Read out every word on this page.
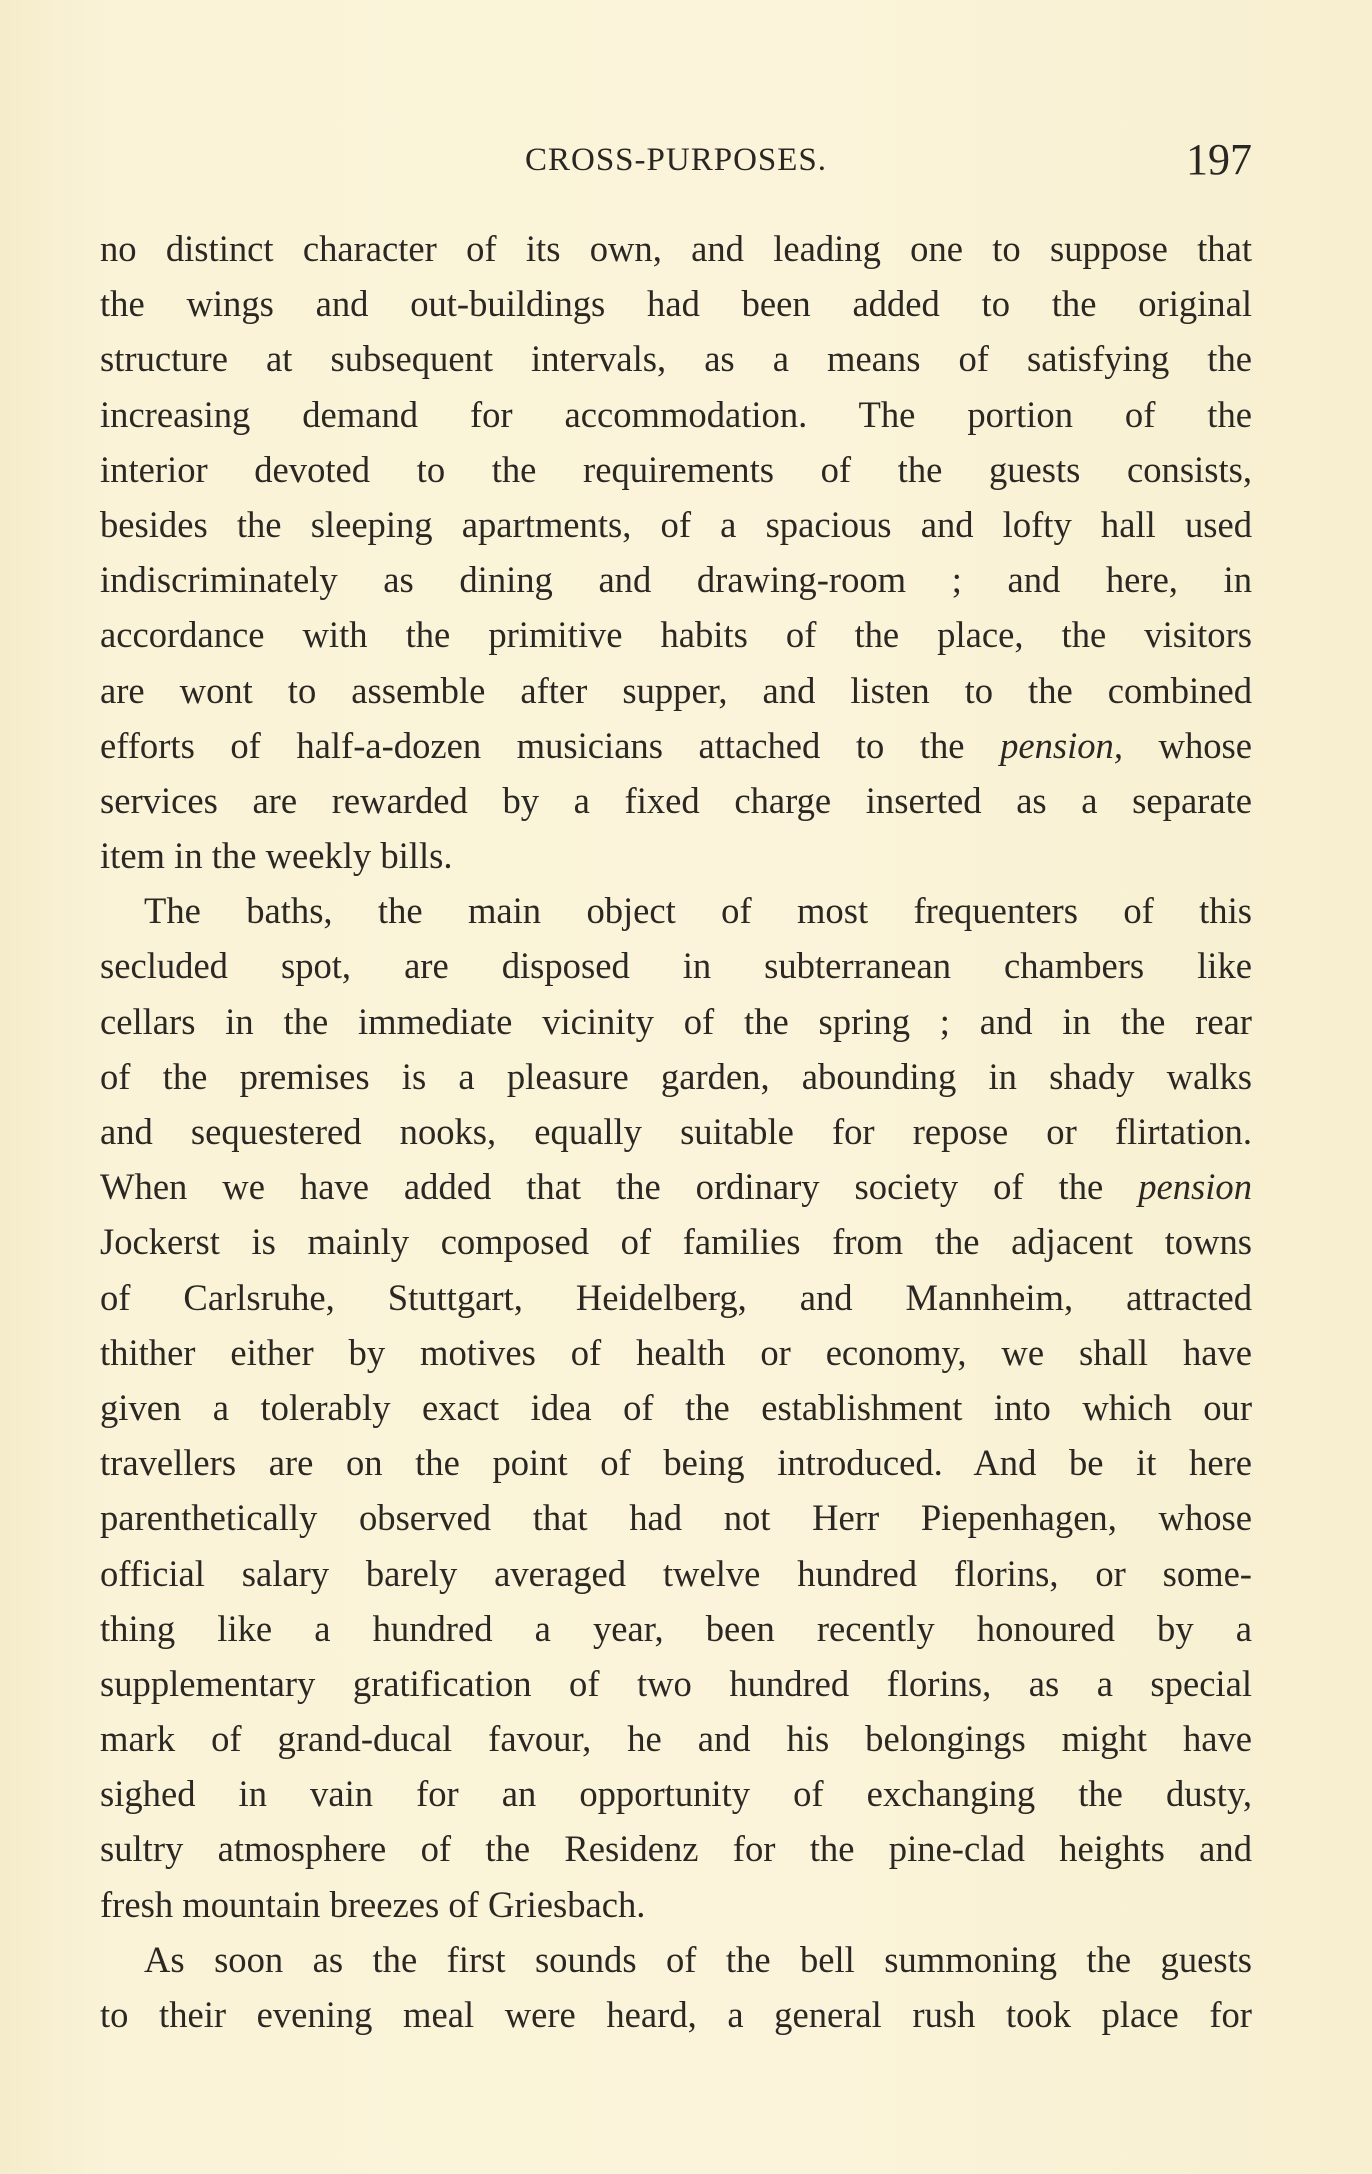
CROSS-PURPOSES.	197
no distinct character of its own, and leading one to suppose that
the wings and out-buildings had been added to the original
structure at subsequent intervals, as a means of satisfying the
increasing demand for accommodation. The portion of the
interior devoted to the requirements of the guests consists,
besides the sleeping apartments, of a spacious and lofty hall used
indiscriminately as dining and drawing-room ; and here, in
accordance with the primitive habits of the place, the visitors
are wont to assemble after supper, and listen to the combined
efforts of half-a-dozen musicians attached to the pension, whose
services are rewarded by a fixed charge inserted as a separate
item in the weekly bills.
The baths, the main object of most frequenters of this
secluded spot, are disposed in subterranean chambers like
cellars in the immediate vicinity of the spring ; and in the rear
of the premises is a pleasure garden, abounding in shady walks
and sequestered nooks, equally suitable for repose or flirtation.
When we have added that the ordinary society of the pension
Jockerst is mainly composed of families from the adjacent towns
of Carlsruhe, Stuttgart, Heidelberg, and Mannheim, attracted
thither either by motives of health or economy, we shall have
given a tolerably exact idea of the establishment into which our
travellers are on the point of being introduced. And be it here
parenthetically observed that had not Herr Piepenhagen, whose
official salary barely averaged twelve hundred florins, or some-
thing like a hundred a year, been recently honoured by a
supplementary gratification of two hundred florins, as a special
mark of grand-ducal favour, he and his belongings might have
sighed in vain for an opportunity of exchanging the dusty,
sultry atmosphere of the Residenz for the pine-clad heights and
fresh mountain breezes of Griesbach.
As soon as the first sounds of the bell summoning the guests
to their evening meal were heard, a general rush took place for
